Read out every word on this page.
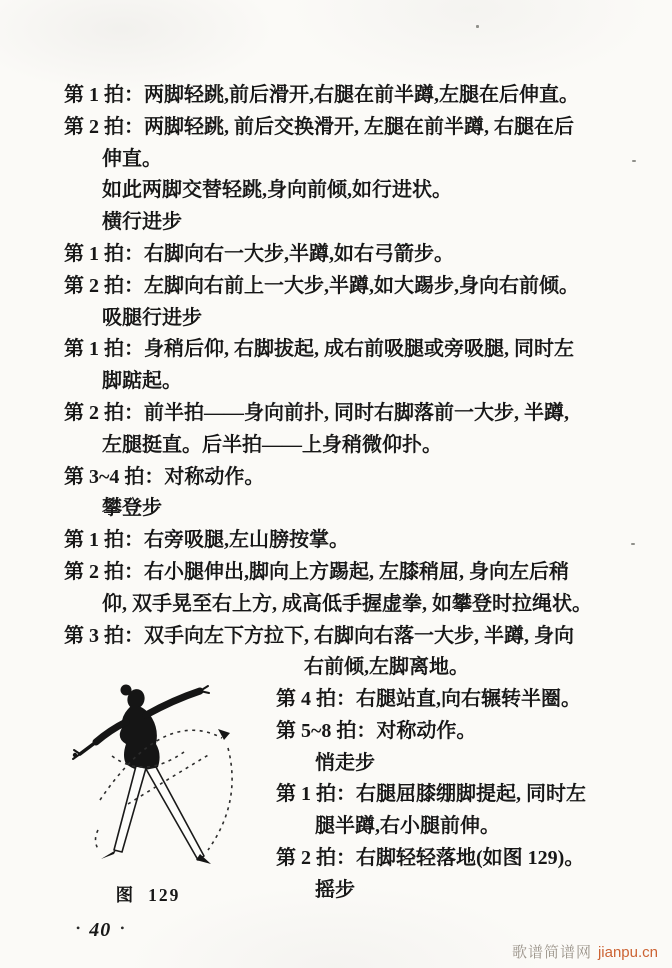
第 1 拍：两脚轻跳,前后滑开,右腿在前半蹲,左腿在后伸直。
第 2 拍：两脚轻跳, 前后交换滑开, 左腿在前半蹲, 右腿在后
伸直。
如此两脚交替轻跳,身向前倾,如行进状。
横行进步
第 1 拍：右脚向右一大步,半蹲,如右弓箭步。
第 2 拍：左脚向右前上一大步,半蹲,如大踢步,身向右前倾。
吸腿行进步
第 1 拍：身稍后仰, 右脚拔起, 成右前吸腿或旁吸腿, 同时左
脚踮起。
第 2 拍：前半拍——身向前扑, 同时右脚落前一大步, 半蹲,
左腿挺直。后半拍——上身稍微仰扑。
第 3~4 拍：对称动作。
攀登步
第 1 拍：右旁吸腿,左山膀按掌。
第 2 拍：右小腿伸出,脚向上方踢起, 左膝稍屈, 身向左后稍
仰, 双手晃至右上方, 成高低手握虚拳, 如攀登时拉绳状。
第 3 拍：双手向左下方拉下, 右脚向右落一大步, 半蹲, 身向
右前倾,左脚离地。
第 4 拍：右腿站直,向右辗转半圈。
第 5~8 拍：对称动作。
悄走步
第 1 拍：右腿屈膝绷脚提起, 同时左
腿半蹲,右小腿前伸。
第 2 拍：右脚轻轻落地(如图 129)。
摇步
图 129
• 40 •
歌谱简谱网 jianpu.cn
